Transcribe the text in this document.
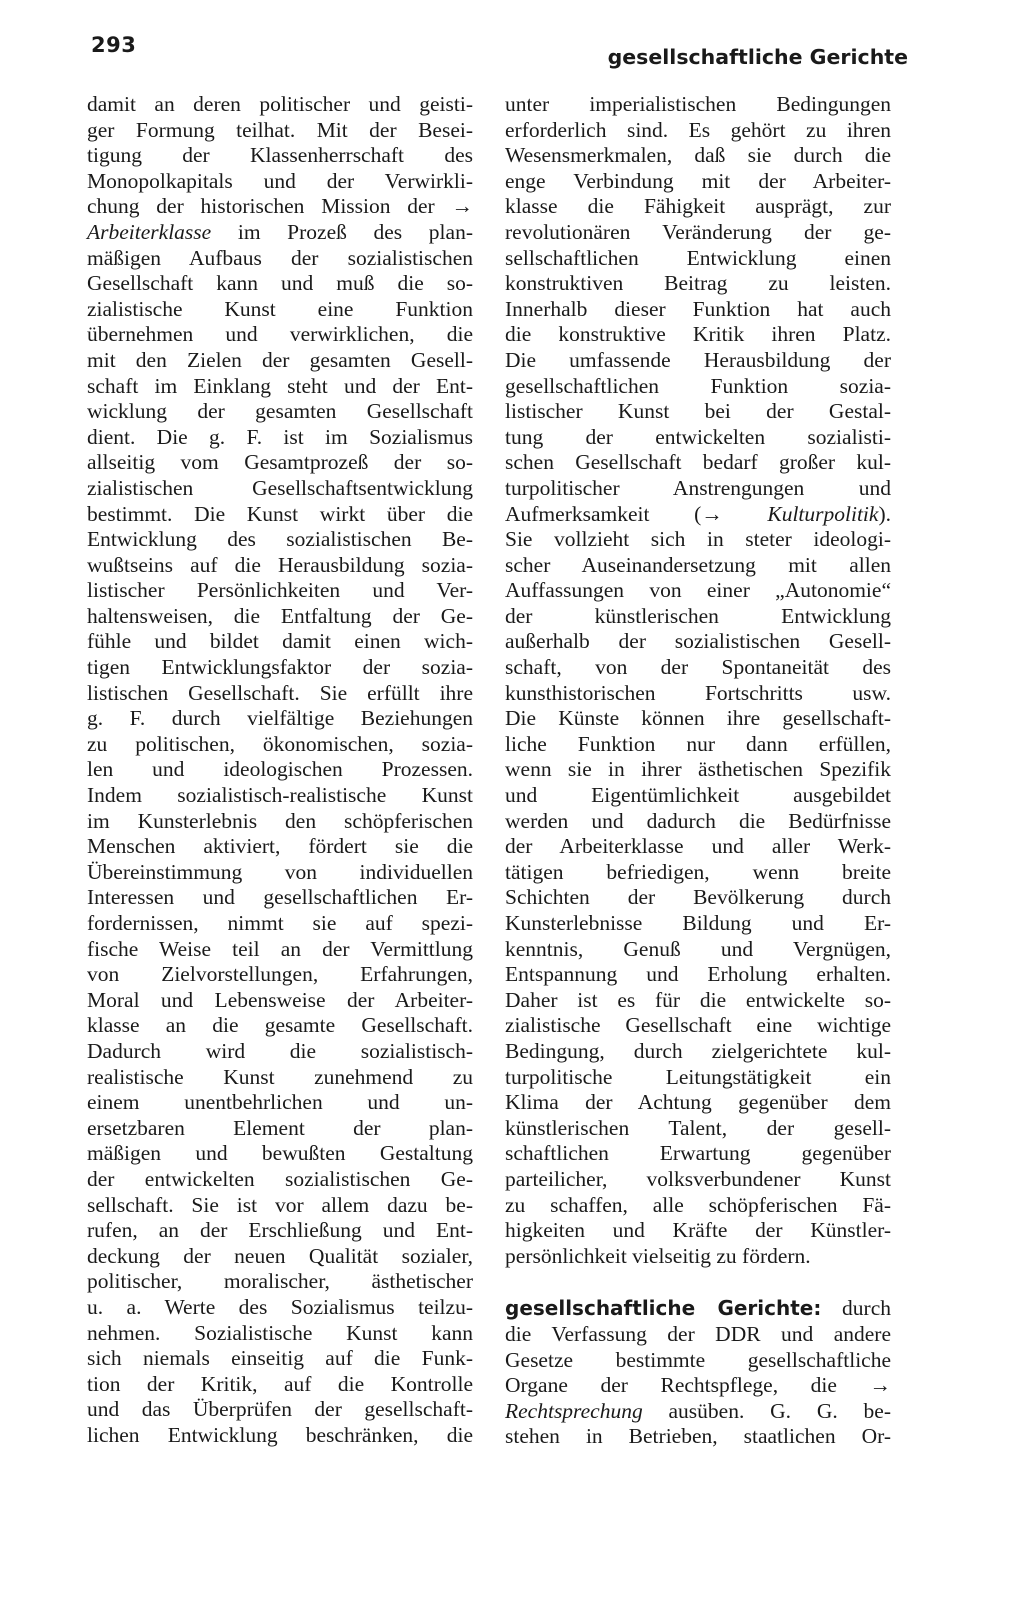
293	gesellschaftliche Gerichte
damit an deren politischer und geisti-
ger Formung teilhat. Mit der Besei-
tigung der Klassenherrschaft des
Monopolkapitals und der Verwirkli-
chung der historischen Mission der →
Arbeiterklasse im Prozeß des plan-
mäßigen Aufbaus der sozialistischen
Gesellschaft kann und muß die so-
zialistische Kunst eine Funktion
übernehmen und verwirklichen, die
mit den Zielen der gesamten Gesell-
schaft im Einklang steht und der Ent-
wicklung der gesamten Gesellschaft
dient. Die g. F. ist im Sozialismus
allseitig vom Gesamtprozeß der so-
zialistischen Gesellschaftsentwicklung
bestimmt. Die Kunst wirkt über die
Entwicklung des sozialistischen Be-
wußtseins auf die Herausbildung sozia-
listischer Persönlichkeiten und Ver-
haltensweisen, die Entfaltung der Ge-
fühle und bildet damit einen wich-
tigen Entwicklungsfaktor der sozia-
listischen Gesellschaft. Sie erfüllt ihre
g. F. durch vielfältige Beziehungen
zu politischen, ökonomischen, sozia-
len und ideologischen Prozessen.
Indem sozialistisch-realistische Kunst
im Kunsterlebnis den schöpferischen
Menschen aktiviert, fördert sie die
Übereinstimmung von individuellen
Interessen und gesellschaftlichen Er-
fordernissen, nimmt sie auf spezi-
fische Weise teil an der Vermittlung
von Zielvorstellungen, Erfahrungen,
Moral und Lebensweise der Arbeiter-
klasse an die gesamte Gesellschaft.
Dadurch wird die sozialistisch-
realistische Kunst zunehmend zu
einem unentbehrlichen und un-
ersetzbaren Element der plan-
mäßigen und bewußten Gestaltung
der entwickelten sozialistischen Ge-
sellschaft. Sie ist vor allem dazu be-
rufen, an der Erschließung und Ent-
deckung der neuen Qualität sozialer,
politischer, moralischer, ästhetischer
u. a. Werte des Sozialismus teilzu-
nehmen. Sozialistische Kunst kann
sich niemals einseitig auf die Funk-
tion der Kritik, auf die Kontrolle
und das Überprüfen der gesellschaft-
lichen Entwicklung beschränken, die
unter imperialistischen Bedingungen
erforderlich sind. Es gehört zu ihren
Wesensmerkmalen, daß sie durch die
enge Verbindung mit der Arbeiter-
klasse die Fähigkeit ausprägt, zur
revolutionären Veränderung der ge-
sellschaftlichen Entwicklung einen
konstruktiven Beitrag zu leisten.
Innerhalb dieser Funktion hat auch
die konstruktive Kritik ihren Platz.
Die umfassende Herausbildung der
gesellschaftlichen Funktion sozia-
listischer Kunst bei der Gestal-
tung der entwickelten sozialisti-
schen Gesellschaft bedarf großer kul-
turpolitischer Anstrengungen und
Aufmerksamkeit (→ Kulturpolitik).
Sie vollzieht sich in steter ideologi-
scher Auseinandersetzung mit allen
Auffassungen von einer „Autonomie“
der künstlerischen Entwicklung
außerhalb der sozialistischen Gesell-
schaft, von der Spontaneität des
kunsthistorischen Fortschritts usw.
Die Künste können ihre gesellschaft-
liche Funktion nur dann erfüllen,
wenn sie in ihrer ästhetischen Spezifik
und Eigentümlichkeit ausgebildet
werden und dadurch die Bedürfnisse
der Arbeiterklasse und aller Werk-
tätigen befriedigen, wenn breite
Schichten der Bevölkerung durch
Kunsterlebnisse Bildung und Er-
kenntnis, Genuß und Vergnügen,
Entspannung und Erholung erhalten.
Daher ist es für die entwickelte so-
zialistische Gesellschaft eine wichtige
Bedingung, durch zielgerichtete kul-
turpolitische Leitungstätigkeit ein
Klima der Achtung gegenüber dem
künstlerischen Talent, der gesell-
schaftlichen Erwartung gegenüber
parteilicher, volksverbundener Kunst
zu schaffen, alle schöpferischen Fä-
higkeiten und Kräfte der Künstler-
persönlichkeit vielseitig zu fördern.
gesellschaftliche Gerichte: durch
die Verfassung der DDR und andere
Gesetze bestimmte gesellschaftliche
Organe der Rechtspflege, die →
Rechtsprechung ausüben. G. G. be-
stehen in Betrieben, staatlichen Or-
